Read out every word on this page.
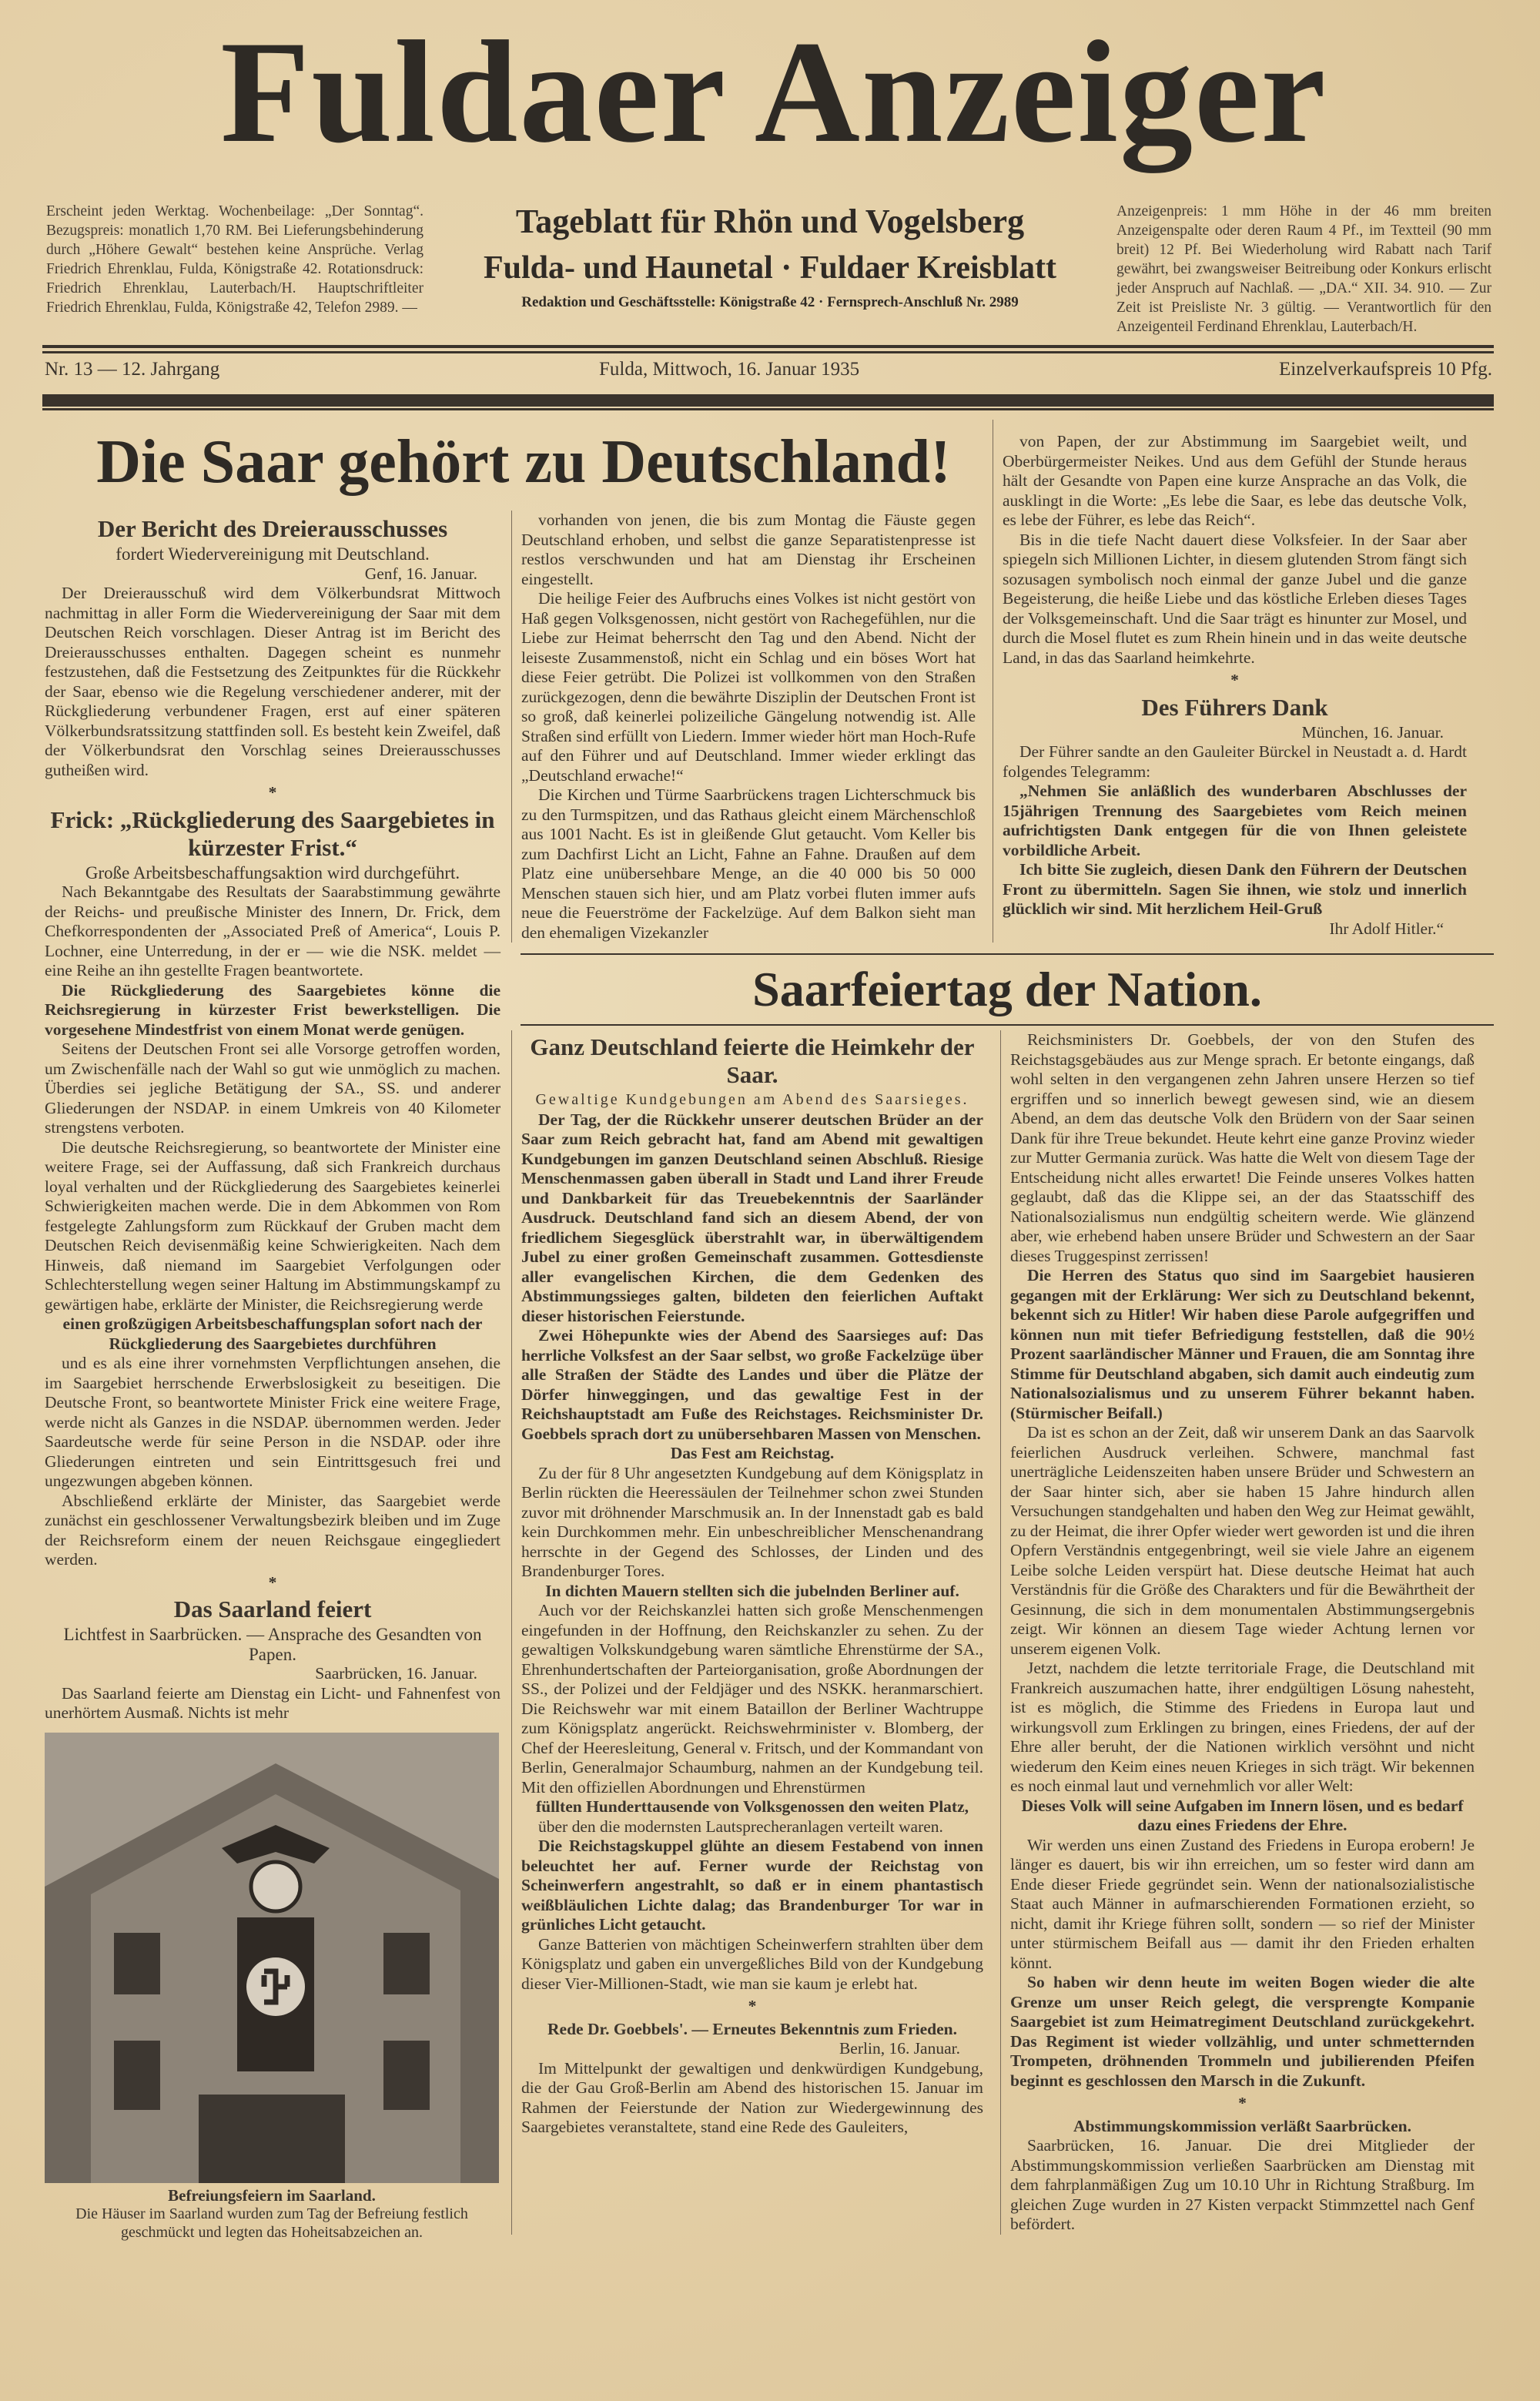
Fuldaer Anzeiger
Erscheint jeden Werktag. Wochenbeilage: „Der Sonntag“. Bezugspreis: monatlich 1,70 RM. Bei Lieferungsbehinderung durch „Höhere Gewalt“ bestehen keine Ansprüche. Verlag Friedrich Ehrenklau, Fulda, Königstraße 42. Rotationsdruck: Friedrich Ehrenklau, Lauterbach/H. Hauptschriftleiter Friedrich Ehrenklau, Fulda, Königstraße 42, Telefon 2989. —
Tageblatt für Rhön und Vogelsberg
Fulda- und Haunetal · Fuldaer Kreisblatt
Redaktion und Geschäftsstelle: Königstraße 42 · Fernsprech-Anschluß Nr. 2989
Anzeigenpreis: 1 mm Höhe in der 46 mm breiten Anzeigenspalte oder deren Raum 4 Pf., im Textteil (90 mm breit) 12 Pf. Bei Wiederholung wird Rabatt nach Tarif gewährt, bei zwangsweiser Beitreibung oder Konkurs erlischt jeder Anspruch auf Nachlaß. — „DA.“ XII. 34. 910. — Zur Zeit ist Preisliste Nr. 3 gültig. — Verantwortlich für den Anzeigenteil Ferdinand Ehrenklau, Lauterbach/H.
Nr. 13 — 12. Jahrgang	Fulda, Mittwoch, 16. Januar 1935	Einzelverkaufspreis 10 Pfg.
Die Saar gehört zu Deutschland!

Der Bericht des Dreierausschusses

fordert Wiedervereinigung mit Deutschland.

Genf, 16. Januar.

Der Dreierausschuß wird dem Völkerbundsrat Mittwoch nachmittag in aller Form die Wiedervereinigung der Saar mit dem Deutschen Reich vorschlagen. Dieser Antrag ist im Bericht des Dreierausschusses enthalten. Dagegen scheint es nunmehr festzustehen, daß die Festsetzung des Zeitpunktes für die Rückkehr der Saar, ebenso wie die Regelung verschiedener anderer, mit der Rückgliederung verbundener Fragen, erst auf einer späteren Völkerbundsratssitzung stattfinden soll. Es besteht kein Zweifel, daß der Völkerbundsrat den Vorschlag seines Dreierausschusses gutheißen wird.

*

Frick: „Rückgliederung des Saargebietes in kürzester Frist.“

Große Arbeitsbeschaffungsaktion wird durchgeführt.

Nach Bekanntgabe des Resultats der Saarabstimmung gewährte der Reichs- und preußische Minister des Innern, Dr. Frick, dem Chefkorrespondenten der „Associated Preß of America“, Louis P. Lochner, eine Unterredung, in der er — wie die NSK. meldet — eine Reihe an ihn gestellte Fragen beantwortete.

Die Rückgliederung des Saargebietes könne die Reichsregierung in kürzester Frist bewerkstelligen. Die vorgesehene Mindestfrist von einem Monat werde genügen.

Seitens der Deutschen Front sei alle Vorsorge getroffen worden, um Zwischenfälle nach der Wahl so gut wie unmöglich zu machen. Überdies sei jegliche Betätigung der SA., SS. und anderer Gliederungen der NSDAP. in einem Umkreis von 40 Kilometer strengstens verboten.

Die deutsche Reichsregierung, so beantwortete der Minister eine weitere Frage, sei der Auffassung, daß sich Frankreich durchaus loyal verhalten und der Rückgliederung des Saargebietes keinerlei Schwierigkeiten machen werde. Die in dem Abkommen von Rom festgelegte Zahlungsform zum Rückkauf der Gruben macht dem Deutschen Reich devisenmäßig keine Schwierigkeiten. Nach dem Hinweis, daß niemand im Saargebiet Verfolgungen oder Schlechterstellung wegen seiner Haltung im Abstimmungskampf zu gewärtigen habe, erklärte der Minister, die Reichsregierung werde

einen großzügigen Arbeitsbeschaffungsplan sofort nach der Rückgliederung des Saargebietes durchführen

und es als eine ihrer vornehmsten Verpflichtungen ansehen, die im Saargebiet herrschende Erwerbslosigkeit zu beseitigen. Die Deutsche Front, so beantwortete Minister Frick eine weitere Frage, werde nicht als Ganzes in die NSDAP. übernommen werden. Jeder Saardeutsche werde für seine Person in die NSDAP. oder ihre Gliederungen eintreten und sein Eintrittsgesuch frei und ungezwungen abgeben können.

Abschließend erklärte der Minister, das Saargebiet werde zunächst ein geschlossener Verwaltungsbezirk bleiben und im Zuge der Reichsreform einem der neuen Reichsgaue eingegliedert werden.

*

Das Saarland feiert

Lichtfest in Saarbrücken. — Ansprache des Gesandten von Papen.

Saarbrücken, 16. Januar.

Das Saarland feierte am Dienstag ein Licht- und Fahnenfest von unerhörtem Ausmaß. Nichts ist mehr

Befreiungsfeiern im Saarland.
Die Häuser im Saarland wurden zum Tag der Befreiung festlich geschmückt und legten das Hoheitsabzeichen an.

vorhanden von jenen, die bis zum Montag die Fäuste gegen Deutschland erhoben, und selbst die ganze Separatistenpresse ist restlos verschwunden und hat am Dienstag ihr Erscheinen eingestellt.

Die heilige Feier des Aufbruchs eines Volkes ist nicht gestört von Haß gegen Volksgenossen, nicht gestört von Rachegefühlen, nur die Liebe zur Heimat beherrscht den Tag und den Abend. Nicht der leiseste Zusammenstoß, nicht ein Schlag und ein böses Wort hat diese Feier getrübt. Die Polizei ist vollkommen von den Straßen zurückgezogen, denn die bewährte Disziplin der Deutschen Front ist so groß, daß keinerlei polizeiliche Gängelung notwendig ist. Alle Straßen sind erfüllt von Liedern. Immer wieder hört man Hoch-Rufe auf den Führer und auf Deutschland. Immer wieder erklingt das „Deutschland erwache!“

Die Kirchen und Türme Saarbrückens tragen Lichterschmuck bis zu den Turmspitzen, und das Rathaus gleicht einem Märchenschloß aus 1001 Nacht. Es ist in gleißende Glut getaucht. Vom Keller bis zum Dachfirst Licht an Licht, Fahne an Fahne. Draußen auf dem Platz eine unübersehbare Menge, an die 40 000 bis 50 000 Menschen stauen sich hier, und am Platz vorbei fluten immer aufs neue die Feuerströme der Fackelzüge. Auf dem Balkon sieht man den ehemaligen Vizekanzler

von Papen, der zur Abstimmung im Saargebiet weilt, und Oberbürgermeister Neikes. Und aus dem Gefühl der Stunde heraus hält der Gesandte von Papen eine kurze Ansprache an das Volk, die ausklingt in die Worte: „Es lebe die Saar, es lebe das deutsche Volk, es lebe der Führer, es lebe das Reich“.

Bis in die tiefe Nacht dauert diese Volksfeier. In der Saar aber spiegeln sich Millionen Lichter, in diesem glutenden Strom fängt sich sozusagen symbolisch noch einmal der ganze Jubel und die ganze Begeisterung, die heiße Liebe und das köstliche Erleben dieses Tages der Volksgemeinschaft. Und die Saar trägt es hinunter zur Mosel, und durch die Mosel flutet es zum Rhein hinein und in das weite deutsche Land, in das das Saarland heimkehrte.

*

Des Führers Dank

München, 16. Januar.

Der Führer sandte an den Gauleiter Bürckel in Neustadt a. d. Hardt folgendes Telegramm:

„Nehmen Sie anläßlich des wunderbaren Abschlusses der 15jährigen Trennung des Saargebietes vom Reich meinen aufrichtigsten Dank entgegen für die von Ihnen geleistete vorbildliche Arbeit.

Ich bitte Sie zugleich, diesen Dank den Führern der Deutschen Front zu übermitteln. Sagen Sie ihnen, wie stolz und innerlich glücklich wir sind. Mit herzlichem Heil-Gruß

Ihr Adolf Hitler.“

Saarfeiertag der Nation.

Ganz Deutschland feierte die Heimkehr der Saar.

Gewaltige Kundgebungen am Abend des Saarsieges.

Der Tag, der die Rückkehr unserer deutschen Brüder an der Saar zum Reich gebracht hat, fand am Abend mit gewaltigen Kundgebungen im ganzen Deutschland seinen Abschluß. Riesige Menschenmassen gaben überall in Stadt und Land ihrer Freude und Dankbarkeit für das Treuebekenntnis der Saarländer Ausdruck. Deutschland fand sich an diesem Abend, der von friedlichem Siegesglück überstrahlt war, in überwältigendem Jubel zu einer großen Gemeinschaft zusammen. Gottesdienste aller evangelischen Kirchen, die dem Gedenken des Abstimmungssieges galten, bildeten den feierlichen Auftakt dieser historischen Feierstunde.

Zwei Höhepunkte wies der Abend des Saarsieges auf: Das herrliche Volksfest an der Saar selbst, wo große Fackelzüge über alle Straßen der Städte des Landes und über die Plätze der Dörfer hinweggingen, und das gewaltige Fest in der Reichshauptstadt am Fuße des Reichstages. Reichsminister Dr. Goebbels sprach dort zu unübersehbaren Massen von Menschen.

Das Fest am Reichstag.

Zu der für 8 Uhr angesetzten Kundgebung auf dem Königsplatz in Berlin rückten die Heeressäulen der Teilnehmer schon zwei Stunden zuvor mit dröhnender Marschmusik an. In der Innenstadt gab es bald kein Durchkommen mehr. Ein unbeschreiblicher Menschenandrang herrschte in der Gegend des Schlosses, der Linden und des Brandenburger Tores.

In dichten Mauern stellten sich die jubelnden Berliner auf.

Auch vor der Reichskanzlei hatten sich große Menschenmengen eingefunden in der Hoffnung, den Reichskanzler zu sehen. Zu der gewaltigen Volkskundgebung waren sämtliche Ehrenstürme der SA., Ehrenhundertschaften der Parteiorganisation, große Abordnungen der SS., der Polizei und der Feldjäger und des NSKK. heranmarschiert. Die Reichswehr war mit einem Bataillon der Berliner Wachtruppe zum Königsplatz angerückt. Reichswehrminister v. Blomberg, der Chef der Heeresleitung, General v. Fritsch, und der Kommandant von Berlin, Generalmajor Schaumburg, nahmen an der Kundgebung teil. Mit den offiziellen Abordnungen und Ehrenstürmen

füllten Hunderttausende von Volksgenossen den weiten Platz,

über den die modernsten Lautsprecheranlagen verteilt waren.

Die Reichstagskuppel glühte an diesem Festabend von innen beleuchtet her auf. Ferner wurde der Reichstag von Scheinwerfern angestrahlt, so daß er in einem phantastisch weißbläulichen Lichte dalag; das Brandenburger Tor war in grünliches Licht getaucht.

Ganze Batterien von mächtigen Scheinwerfern strahlten über dem Königsplatz und gaben ein unvergeßliches Bild von der Kundgebung dieser Vier-Millionen-Stadt, wie man sie kaum je erlebt hat.

*

Rede Dr. Goebbels'. — Erneutes Bekenntnis zum Frieden.

Berlin, 16. Januar.

Im Mittelpunkt der gewaltigen und denkwürdigen Kundgebung, die der Gau Groß-Berlin am Abend des historischen 15. Januar im Rahmen der Feierstunde der Nation zur Wiedergewinnung des Saargebietes veranstaltete, stand eine Rede des Gauleiters,

Reichsministers Dr. Goebbels, der von den Stufen des Reichstagsgebäudes aus zur Menge sprach. Er betonte eingangs, daß wohl selten in den vergangenen zehn Jahren unsere Herzen so tief ergriffen und so innerlich bewegt gewesen sind, wie an diesem Abend, an dem das deutsche Volk den Brüdern von der Saar seinen Dank für ihre Treue bekundet. Heute kehrt eine ganze Provinz wieder zur Mutter Germania zurück. Was hatte die Welt von diesem Tage der Entscheidung nicht alles erwartet! Die Feinde unseres Volkes hatten geglaubt, daß das die Klippe sei, an der das Staatsschiff des Nationalsozialismus nun endgültig scheitern werde. Wie glänzend aber, wie erhebend haben unsere Brüder und Schwestern an der Saar dieses Truggespinst zerrissen!

Die Herren des Status quo sind im Saargebiet hausieren gegangen mit der Erklärung: Wer sich zu Deutschland bekennt, bekennt sich zu Hitler! Wir haben diese Parole aufgegriffen und können nun mit tiefer Befriedigung feststellen, daß die 90½ Prozent saarländischer Männer und Frauen, die am Sonntag ihre Stimme für Deutschland abgaben, sich damit auch eindeutig zum Nationalsozialismus und zu unserem Führer bekannt haben. (Stürmischer Beifall.)

Da ist es schon an der Zeit, daß wir unserem Dank an das Saarvolk feierlichen Ausdruck verleihen. Schwere, manchmal fast unerträgliche Leidenszeiten haben unsere Brüder und Schwestern an der Saar hinter sich, aber sie haben 15 Jahre hindurch allen Versuchungen standgehalten und haben den Weg zur Heimat gewählt, zu der Heimat, die ihrer Opfer wieder wert geworden ist und die ihren Opfern Verständnis entgegenbringt, weil sie viele Jahre an eigenem Leibe solche Leiden verspürt hat. Diese deutsche Heimat hat auch Verständnis für die Größe des Charakters und für die Bewährtheit der Gesinnung, die sich in dem monumentalen Abstimmungsergebnis zeigt. Wir können an diesem Tage wieder Achtung lernen vor unserem eigenen Volk.

Jetzt, nachdem die letzte territoriale Frage, die Deutschland mit Frankreich auszumachen hatte, ihrer endgültigen Lösung nahesteht, ist es möglich, die Stimme des Friedens in Europa laut und wirkungsvoll zum Erklingen zu bringen, eines Friedens, der auf der Ehre aller beruht, der die Nationen wirklich versöhnt und nicht wiederum den Keim eines neuen Krieges in sich trägt. Wir bekennen es noch einmal laut und vernehmlich vor aller Welt:

Dieses Volk will seine Aufgaben im Innern lösen, und es bedarf dazu eines Friedens der Ehre.

Wir werden uns einen Zustand des Friedens in Europa erobern! Je länger es dauert, bis wir ihn erreichen, um so fester wird dann am Ende dieser Friede gegründet sein. Wenn der nationalsozialistische Staat auch Männer in aufmarschierenden Formationen erzieht, so nicht, damit ihr Kriege führen sollt, sondern — so rief der Minister unter stürmischem Beifall aus — damit ihr den Frieden erhalten könnt.

So haben wir denn heute im weiten Bogen wieder die alte Grenze um unser Reich gelegt, die versprengte Kompanie Saargebiet ist zum Heimatregiment Deutschland zurückgekehrt. Das Regiment ist wieder vollzählig, und unter schmetternden Trompeten, dröhnenden Trommeln und jubilierenden Pfeifen beginnt es geschlossen den Marsch in die Zukunft.

*

Abstimmungskommission verläßt Saarbrücken.

Saarbrücken, 16. Januar. Die drei Mitglieder der Abstimmungskommission verließen Saarbrücken am Dienstag mit dem fahrplanmäßigen Zug um 10.10 Uhr in Richtung Straßburg. Im gleichen Zuge wurden in 27 Kisten verpackt Stimmzettel nach Genf befördert.
